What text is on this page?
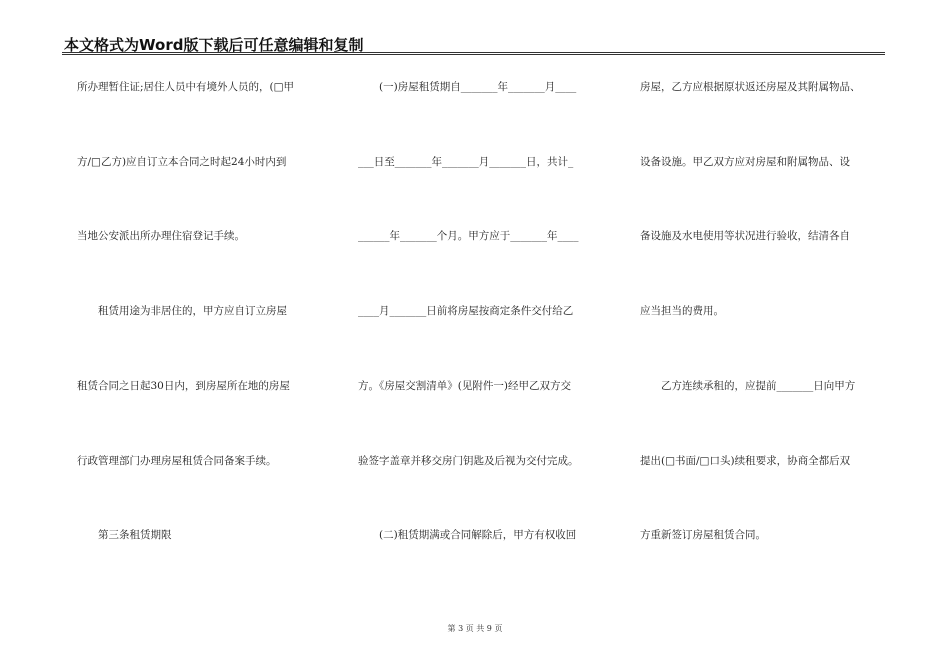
本文格式为Word版下载后可任意编辑和复制
所办理暂住证;居住人员中有境外人员的，(□甲
方/□乙方)应自订立本合同之时起24小时内到
当地公安派出所办理住宿登记手续。
　　租赁用途为非居住的，甲方应自订立房屋
租赁合同之日起30日内，到房屋所在地的房屋
行政管理部门办理房屋租赁合同备案手续。
　　第三条租赁期限
　　(一)房屋租赁期自_______年_______月____
___日至_______年_______月_______日，共计_
______年_______个月。甲方应于_______年____
____月_______日前将房屋按商定条件交付给乙
方。《房屋交割清单》(见附件一)经甲乙双方交
验签字盖章并移交房门钥匙及后视为交付完成。
　　(二)租赁期满或合同解除后，甲方有权收回
房屋，乙方应根据原状返还房屋及其附属物品、
设备设施。甲乙双方应对房屋和附属物品、设
备设施及水电使用等状况进行验收，结清各自
应当担当的费用。
　　乙方连续承租的，应提前_______日向甲方
提出(□书面/□口头)续租要求，协商全都后双
方重新签订房屋租赁合同。
第 3 页 共 9 页
